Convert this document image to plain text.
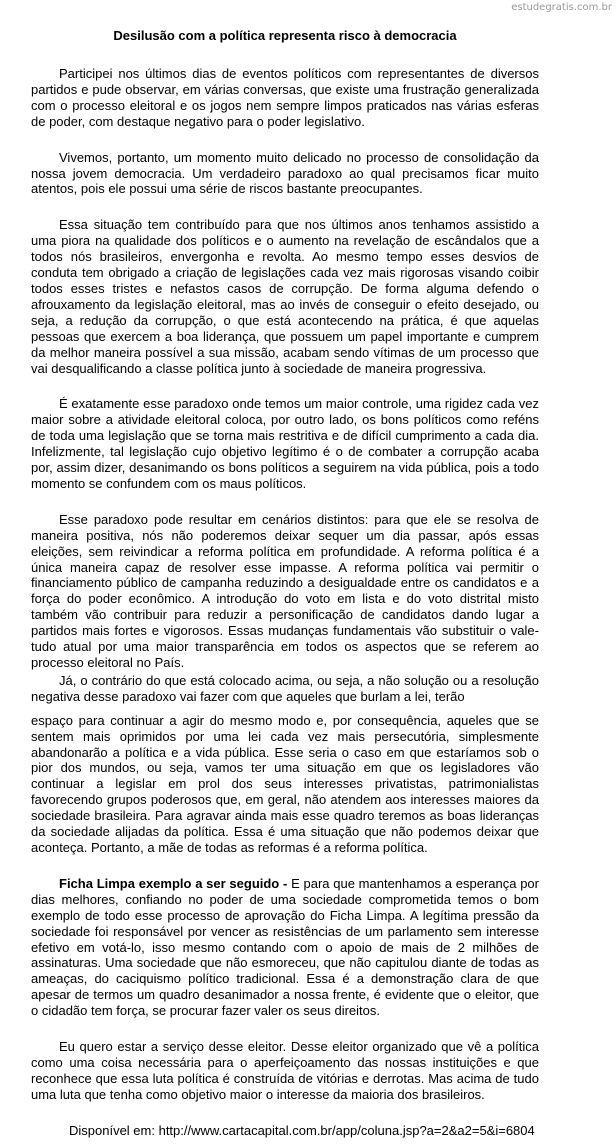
estudegratis.com.br
Desilusão com a política representa risco à democracia

Participei nos últimos dias de eventos políticos com representantes de diversos partidos e pude observar, em várias conversas, que existe uma frustração generalizada com o processo eleitoral e os jogos nem sempre limpos praticados nas várias esferas de poder, com destaque negativo para o poder legislativo.

Vivemos, portanto, um momento muito delicado no processo de consolidação da nossa jovem democracia. Um verdadeiro paradoxo ao qual precisamos ficar muito atentos, pois ele possui uma série de riscos bastante preocupantes.

Essa situação tem contribuído para que nos últimos anos tenhamos assistido a uma piora na qualidade dos políticos e o aumento na revelação de escândalos que a todos nós brasileiros, envergonha e revolta. Ao mesmo tempo esses desvios de conduta tem obrigado a criação de legislações cada vez mais rigorosas visando coibir todos esses tristes e nefastos casos de corrupção. De forma alguma defendo o afrouxamento da legislação eleitoral, mas ao invés de conseguir o efeito desejado, ou seja, a redução da corrupção, o que está acontecendo na prática, é que aquelas pessoas que exercem a boa liderança, que possuem um papel importante e cumprem da melhor maneira possível a sua missão, acabam sendo vítimas de um processo que vai desqualificando a classe política junto à sociedade de maneira progressiva.

É exatamente esse paradoxo onde temos um maior controle, uma rigidez cada vez maior sobre a atividade eleitoral coloca, por outro lado, os bons políticos como reféns de toda uma legislação que se torna mais restritiva e de difícil cumprimento a cada dia. Infelizmente, tal legislação cujo objetivo legítimo é o de combater a corrupção acaba por, assim dizer, desanimando os bons políticos a seguirem na vida pública, pois a todo momento se confundem com os maus políticos.

Esse paradoxo pode resultar em cenários distintos: para que ele se resolva de maneira positiva, nós não poderemos deixar sequer um dia passar, após essas eleições, sem reivindicar a reforma política em profundidade. A reforma política é a única maneira capaz de resolver esse impasse. A reforma política vai permitir o financiamento público de campanha reduzindo a desigualdade entre os candidatos e a força do poder econômico. A introdução do voto em lista e do voto distrital misto também vão contribuir para reduzir a personificação de candidatos dando lugar a partidos mais fortes e vigorosos. Essas mudanças fundamentais vão substituir o vale-tudo atual por uma maior transparência em todos os aspectos que se referem ao processo eleitoral no País.

Já, o contrário do que está colocado acima, ou seja, a não solução ou a resolução negativa desse paradoxo vai fazer com que aqueles que burlam a lei, terão

espaço para continuar a agir do mesmo modo e, por consequência, aqueles que se sentem mais oprimidos por uma lei cada vez mais persecutória, simplesmente abandonarão a política e a vida pública. Esse seria o caso em que estaríamos sob o pior dos mundos, ou seja, vamos ter uma situação em que os legisladores vão continuar a legislar em prol dos seus interesses privatistas, patrimonialistas favorecendo grupos poderosos que, em geral, não atendem aos interesses maiores da sociedade brasileira. Para agravar ainda mais esse quadro teremos as boas lideranças da sociedade alijadas da política. Essa é uma situação que não podemos deixar que aconteça. Portanto, a mãe de todas as reformas é a reforma política.

Ficha Limpa exemplo a ser seguido - E para que mantenhamos a esperança por dias melhores, confiando no poder de uma sociedade comprometida temos o bom exemplo de todo esse processo de aprovação do Ficha Limpa. A legítima pressão da sociedade foi responsável por vencer as resistências de um parlamento sem interesse efetivo em votá-lo, isso mesmo contando com o apoio de mais de 2 milhões de assinaturas. Uma sociedade que não esmoreceu, que não capitulou diante de todas as ameaças, do caciquismo político tradicional. Essa é a demonstração clara de que apesar de termos um quadro desanimador a nossa frente, é evidente que o eleitor, que o cidadão tem força, se procurar fazer valer os seus direitos.

Eu quero estar a serviço desse eleitor. Desse eleitor organizado que vê a política como uma coisa necessária para o aperfeiçoamento das nossas instituições e que reconhece que essa luta política é construída de vitórias e derrotas. Mas acima de tudo uma luta que tenha como objetivo maior o interesse da maioria dos brasileiros.

Disponível em: http://www.cartacapital.com.br/app/coluna.jsp?a=2&a2=5&i=6804
